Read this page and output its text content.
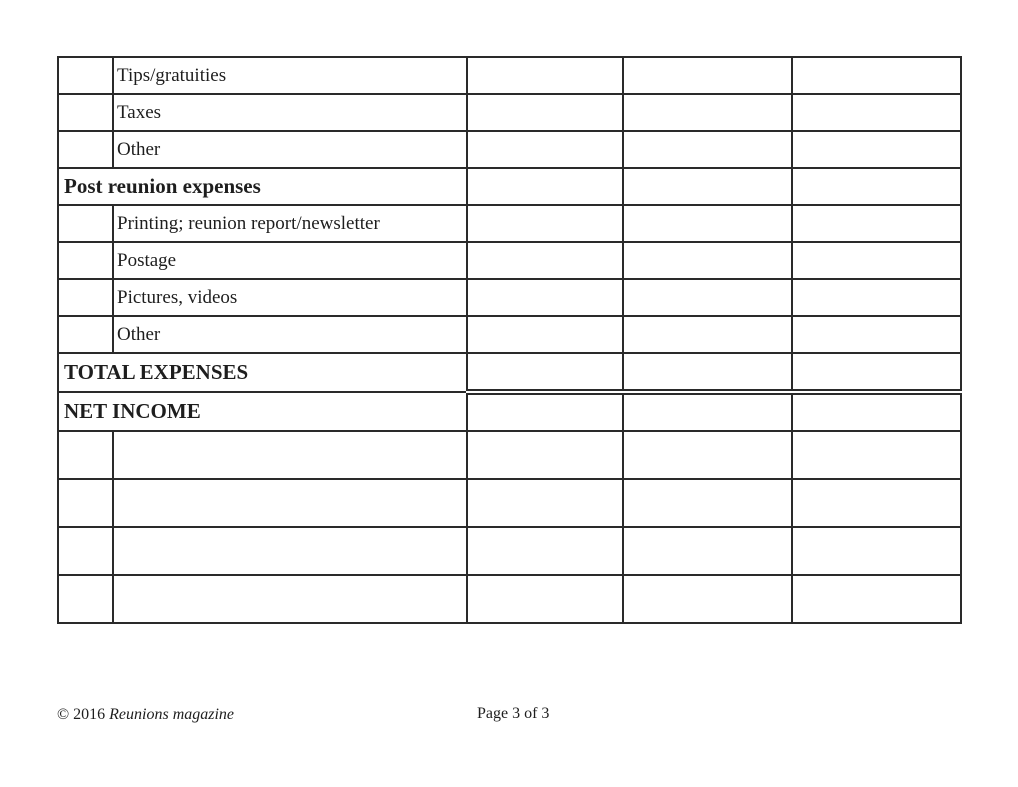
	Tips/gratuities			
	Taxes			
	Other			
Post reunion expenses				
	Printing; reunion report/newsletter			
	Postage			
	Pictures, videos			
	Other			
TOTAL EXPENSES				
NET INCOME				

© 2016 Reunions magazine	Page 3 of 3
